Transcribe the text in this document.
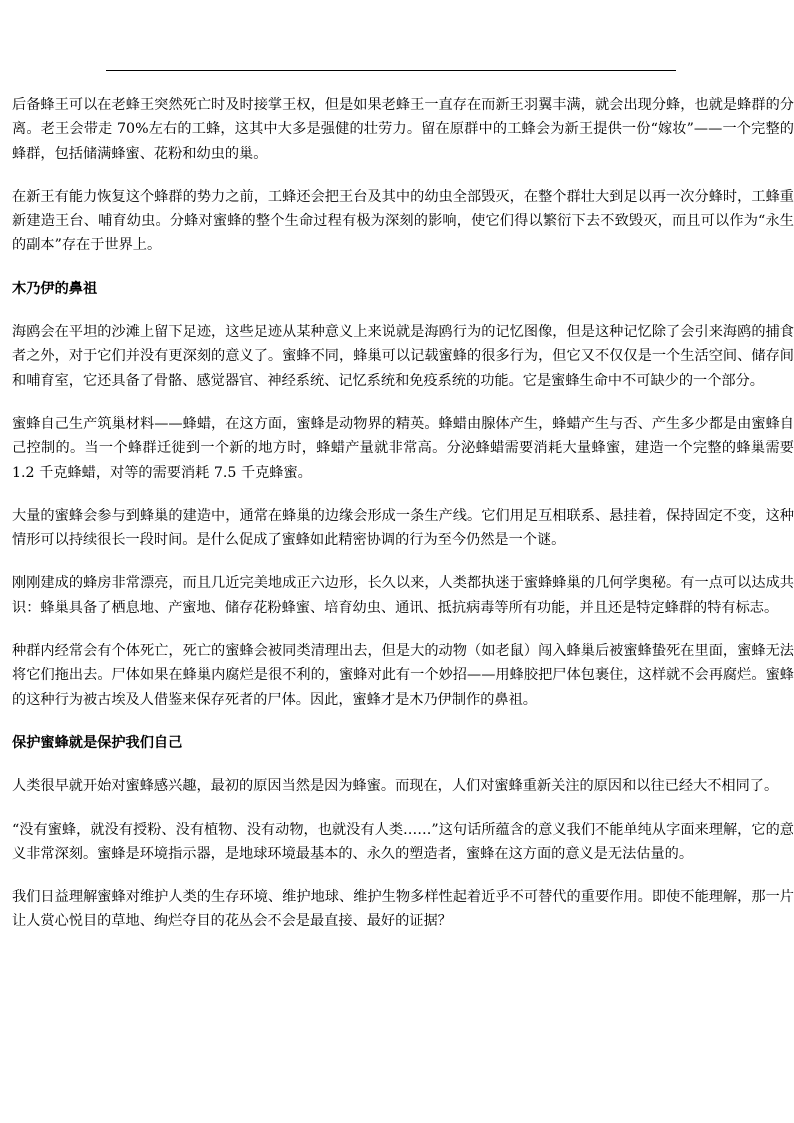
后备蜂王可以在老蜂王突然死亡时及时接掌王权，但是如果老蜂王一直存在而新王羽翼丰满，就会出现分蜂，也就是蜂群的分离。老王会带走 70%左右的工蜂，这其中大多是强健的壮劳力。留在原群中的工蜂会为新王提供一份“嫁妆”——一个完整的蜂群，包括储满蜂蜜、花粉和幼虫的巢。

在新王有能力恢复这个蜂群的势力之前，工蜂还会把王台及其中的幼虫全部毁灭，在整个群壮大到足以再一次分蜂时，工蜂重新建造王台、哺育幼虫。分蜂对蜜蜂的整个生命过程有极为深刻的影响，使它们得以繁衍下去不致毁灭，而且可以作为“永生的副本”存在于世界上。

木乃伊的鼻祖

海鸥会在平坦的沙滩上留下足迹，这些足迹从某种意义上来说就是海鸥行为的记忆图像，但是这种记忆除了会引来海鸥的捕食者之外，对于它们并没有更深刻的意义了。蜜蜂不同，蜂巢可以记载蜜蜂的很多行为，但它又不仅仅是一个生活空间、储存间和哺育室，它还具备了骨骼、感觉器官、神经系统、记忆系统和免疫系统的功能。它是蜜蜂生命中不可缺少的一个部分。

蜜蜂自己生产筑巢材料——蜂蜡，在这方面，蜜蜂是动物界的精英。蜂蜡由腺体产生，蜂蜡产生与否、产生多少都是由蜜蜂自己控制的。当一个蜂群迁徙到一个新的地方时，蜂蜡产量就非常高。分泌蜂蜡需要消耗大量蜂蜜，建造一个完整的蜂巢需要 1.2 千克蜂蜡，对等的需要消耗 7.5 千克蜂蜜。

大量的蜜蜂会参与到蜂巢的建造中，通常在蜂巢的边缘会形成一条生产线。它们用足互相联系、悬挂着，保持固定不变，这种情形可以持续很长一段时间。是什么促成了蜜蜂如此精密协调的行为至今仍然是一个谜。

刚刚建成的蜂房非常漂亮，而且几近完美地成正六边形，长久以来，人类都执迷于蜜蜂蜂巢的几何学奥秘。有一点可以达成共识：蜂巢具备了栖息地、产蜜地、储存花粉蜂蜜、培育幼虫、通讯、抵抗病毒等所有功能，并且还是特定蜂群的特有标志。

种群内经常会有个体死亡，死亡的蜜蜂会被同类清理出去，但是大的动物（如老鼠）闯入蜂巢后被蜜蜂蛰死在里面，蜜蜂无法将它们拖出去。尸体如果在蜂巢内腐烂是很不利的，蜜蜂对此有一个妙招——用蜂胶把尸体包裹住，这样就不会再腐烂。蜜蜂的这种行为被古埃及人借鉴来保存死者的尸体。因此，蜜蜂才是木乃伊制作的鼻祖。

保护蜜蜂就是保护我们自己

人类很早就开始对蜜蜂感兴趣，最初的原因当然是因为蜂蜜。而现在，人们对蜜蜂重新关注的原因和以往已经大不相同了。

“没有蜜蜂，就没有授粉、没有植物、没有动物，也就没有人类……”这句话所蕴含的意义我们不能单纯从字面来理解，它的意义非常深刻。蜜蜂是环境指示器，是地球环境最基本的、永久的塑造者，蜜蜂在这方面的意义是无法估量的。

我们日益理解蜜蜂对维护人类的生存环境、维护地球、维护生物多样性起着近乎不可替代的重要作用。即使不能理解，那一片让人赏心悦目的草地、绚烂夺目的花丛会不会是最直接、最好的证据？
